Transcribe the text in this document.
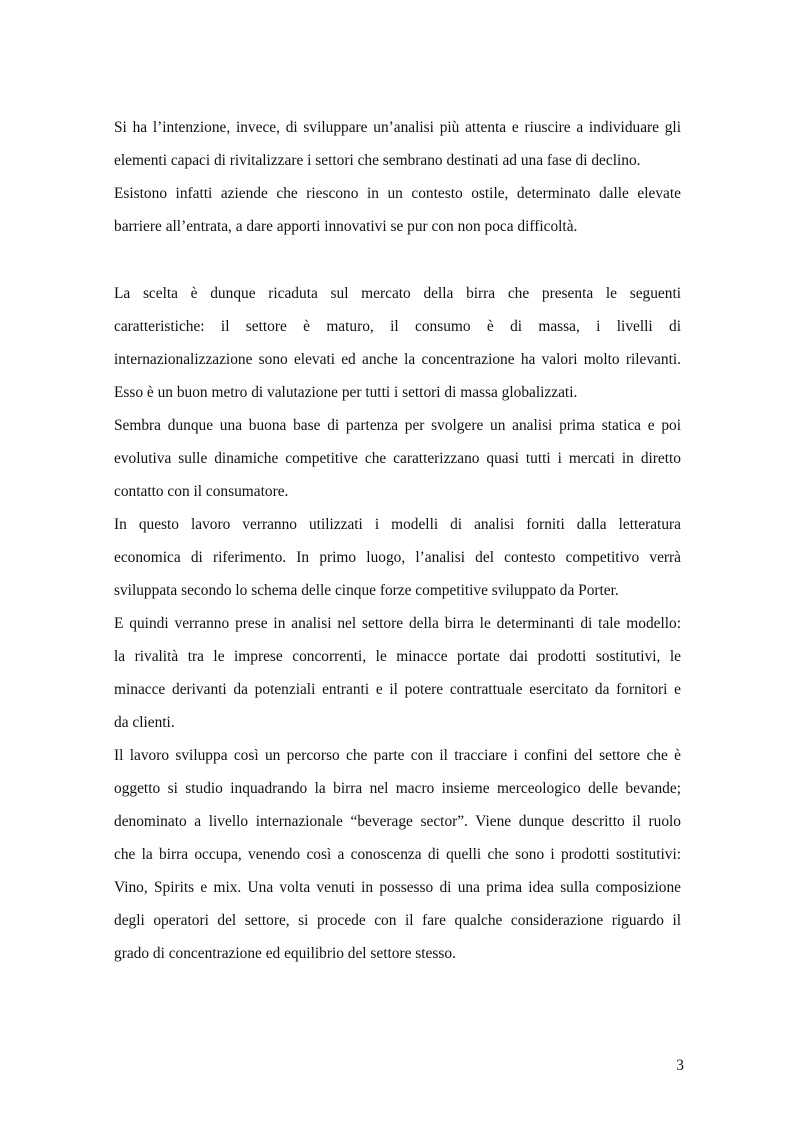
Si ha l’intenzione, invece, di sviluppare un’analisi più attenta e riuscire a individuare gli
elementi capaci di rivitalizzare i settori che sembrano destinati ad una fase di declino.
Esistono infatti aziende che riescono in un contesto ostile, determinato dalle elevate
barriere all’entrata, a dare apporti innovativi se pur con non poca difficoltà.

La scelta è dunque ricaduta sul mercato della birra che presenta le seguenti
caratteristiche: il settore è maturo, il consumo è di massa, i livelli di
internazionalizzazione sono elevati ed anche la concentrazione ha valori molto rilevanti.
Esso è un buon metro di valutazione per tutti i settori di massa globalizzati.
Sembra dunque una buona base di partenza per svolgere un analisi prima statica e poi
evolutiva sulle dinamiche competitive che caratterizzano quasi tutti i mercati in diretto
contatto con il consumatore.
In questo lavoro verranno utilizzati i modelli di analisi forniti dalla letteratura
economica di riferimento. In primo luogo, l’analisi del contesto competitivo verrà
sviluppata secondo lo schema delle cinque forze competitive sviluppato da Porter.
E quindi verranno prese in analisi nel settore della birra le determinanti di tale modello:
la rivalità tra le imprese concorrenti, le minacce portate dai prodotti sostitutivi, le
minacce derivanti da potenziali entranti e il potere contrattuale esercitato da fornitori e
da clienti.
Il lavoro sviluppa così un percorso che parte con il tracciare i confini del settore che è
oggetto si studio inquadrando la birra nel macro insieme merceologico delle bevande;
denominato a livello internazionale “beverage sector”. Viene dunque descritto il ruolo
che la birra occupa, venendo così a conoscenza di quelli che sono i prodotti sostitutivi:
Vino, Spirits e mix. Una volta venuti in possesso di una prima idea sulla composizione
degli operatori del settore, si procede con il fare qualche considerazione riguardo il
grado di concentrazione ed equilibrio del settore stesso.

3
